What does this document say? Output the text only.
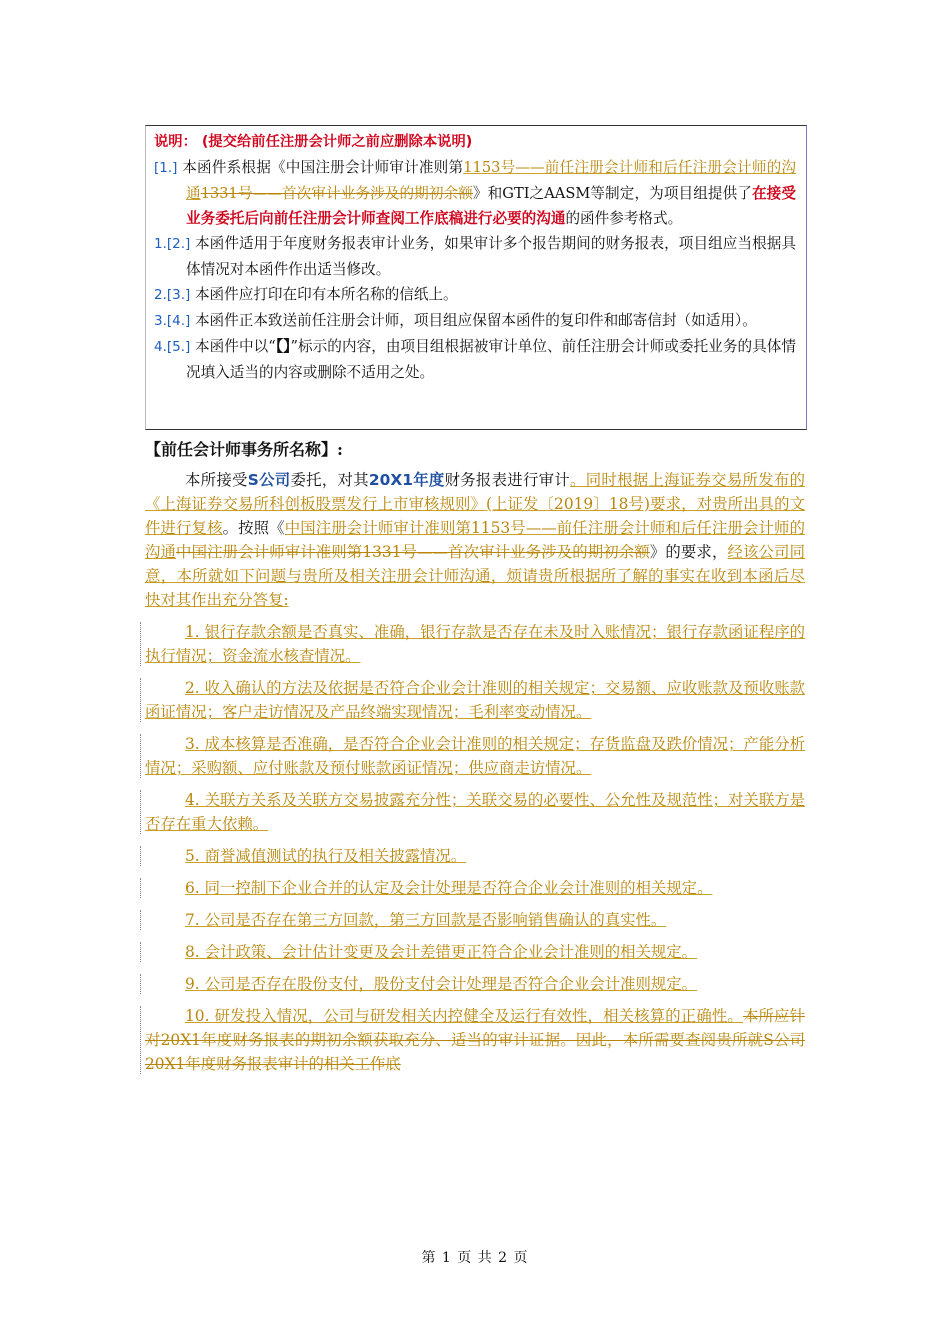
说明： (提交给前任注册会计师之前应删除本说明)
[1.] 本函件系根据《中国注册会计师审计准则第1153号——前任注册会计师和后任注册会计师的沟通1331号——首次审计业务涉及的期初余额》和GTI之AASM等制定，为项目组提供了在接受业务委托后向前任注册会计师查阅工作底稿进行必要的沟通的函件参考格式。
1.[2.] 本函件适用于年度财务报表审计业务，如果审计多个报告期间的财务报表，项目组应当根据具体情况对本函件作出适当修改。
2.[3.] 本函件应打印在印有本所名称的信纸上。
3.[4.] 本函件正本致送前任注册会计师，项目组应保留本函件的复印件和邮寄信封（如适用）。
4.[5.] 本函件中以“【】”标示的内容，由项目组根据被审计单位、前任注册会计师或委托业务的具体情况填入适当的内容或删除不适用之处。
【前任会计师事务所名称】:

本所接受S公司委托，对其20X1年度财务报表进行审计。同时根据上海证券交易所发布的《上海证券交易所科创板股票发行上市审核规则》(上证发〔2019〕18号)要求，对贵所出具的文件进行复核。按照《中国注册会计师审计准则第1153号——前任注册会计师和后任注册会计师的沟通中国注册会计师审计准则第1331号——首次审计业务涉及的期初余额》的要求，经该公司同意，本所就如下问题与贵所及相关注册会计师沟通，烦请贵所根据所了解的事实在收到本函后尽快对其作出充分答复:

1. 银行存款余额是否真实、准确，银行存款是否存在未及时入账情况；银行存款函证程序的执行情况；资金流水核查情况。

2. 收入确认的方法及依据是否符合企业会计准则的相关规定；交易额、应收账款及预收账款函证情况；客户走访情况及产品终端实现情况；毛利率变动情况。

3. 成本核算是否准确，是否符合企业会计准则的相关规定；存货监盘及跌价情况；产能分析情况；采购额、应付账款及预付账款函证情况；供应商走访情况。

4. 关联方关系及关联方交易披露充分性；关联交易的必要性、公允性及规范性；对关联方是否存在重大依赖。

5. 商誉减值测试的执行及相关披露情况。

6. 同一控制下企业合并的认定及会计处理是否符合企业会计准则的相关规定。

7. 公司是否存在第三方回款，第三方回款是否影响销售确认的真实性。

8. 会计政策、会计估计变更及会计差错更正符合企业会计准则的相关规定。

9. 公司是否存在股份支付，股份支付会计处理是否符合企业会计准则规定。

10. 研发投入情况，公司与研发相关内控健全及运行有效性，相关核算的正确性。本所应针对20X1年度财务报表的期初余额获取充分、适当的审计证据。因此，本所需要查阅贵所就S公司20X1年度财务报表审计的相关工作底

第 1 页 共 2 页
